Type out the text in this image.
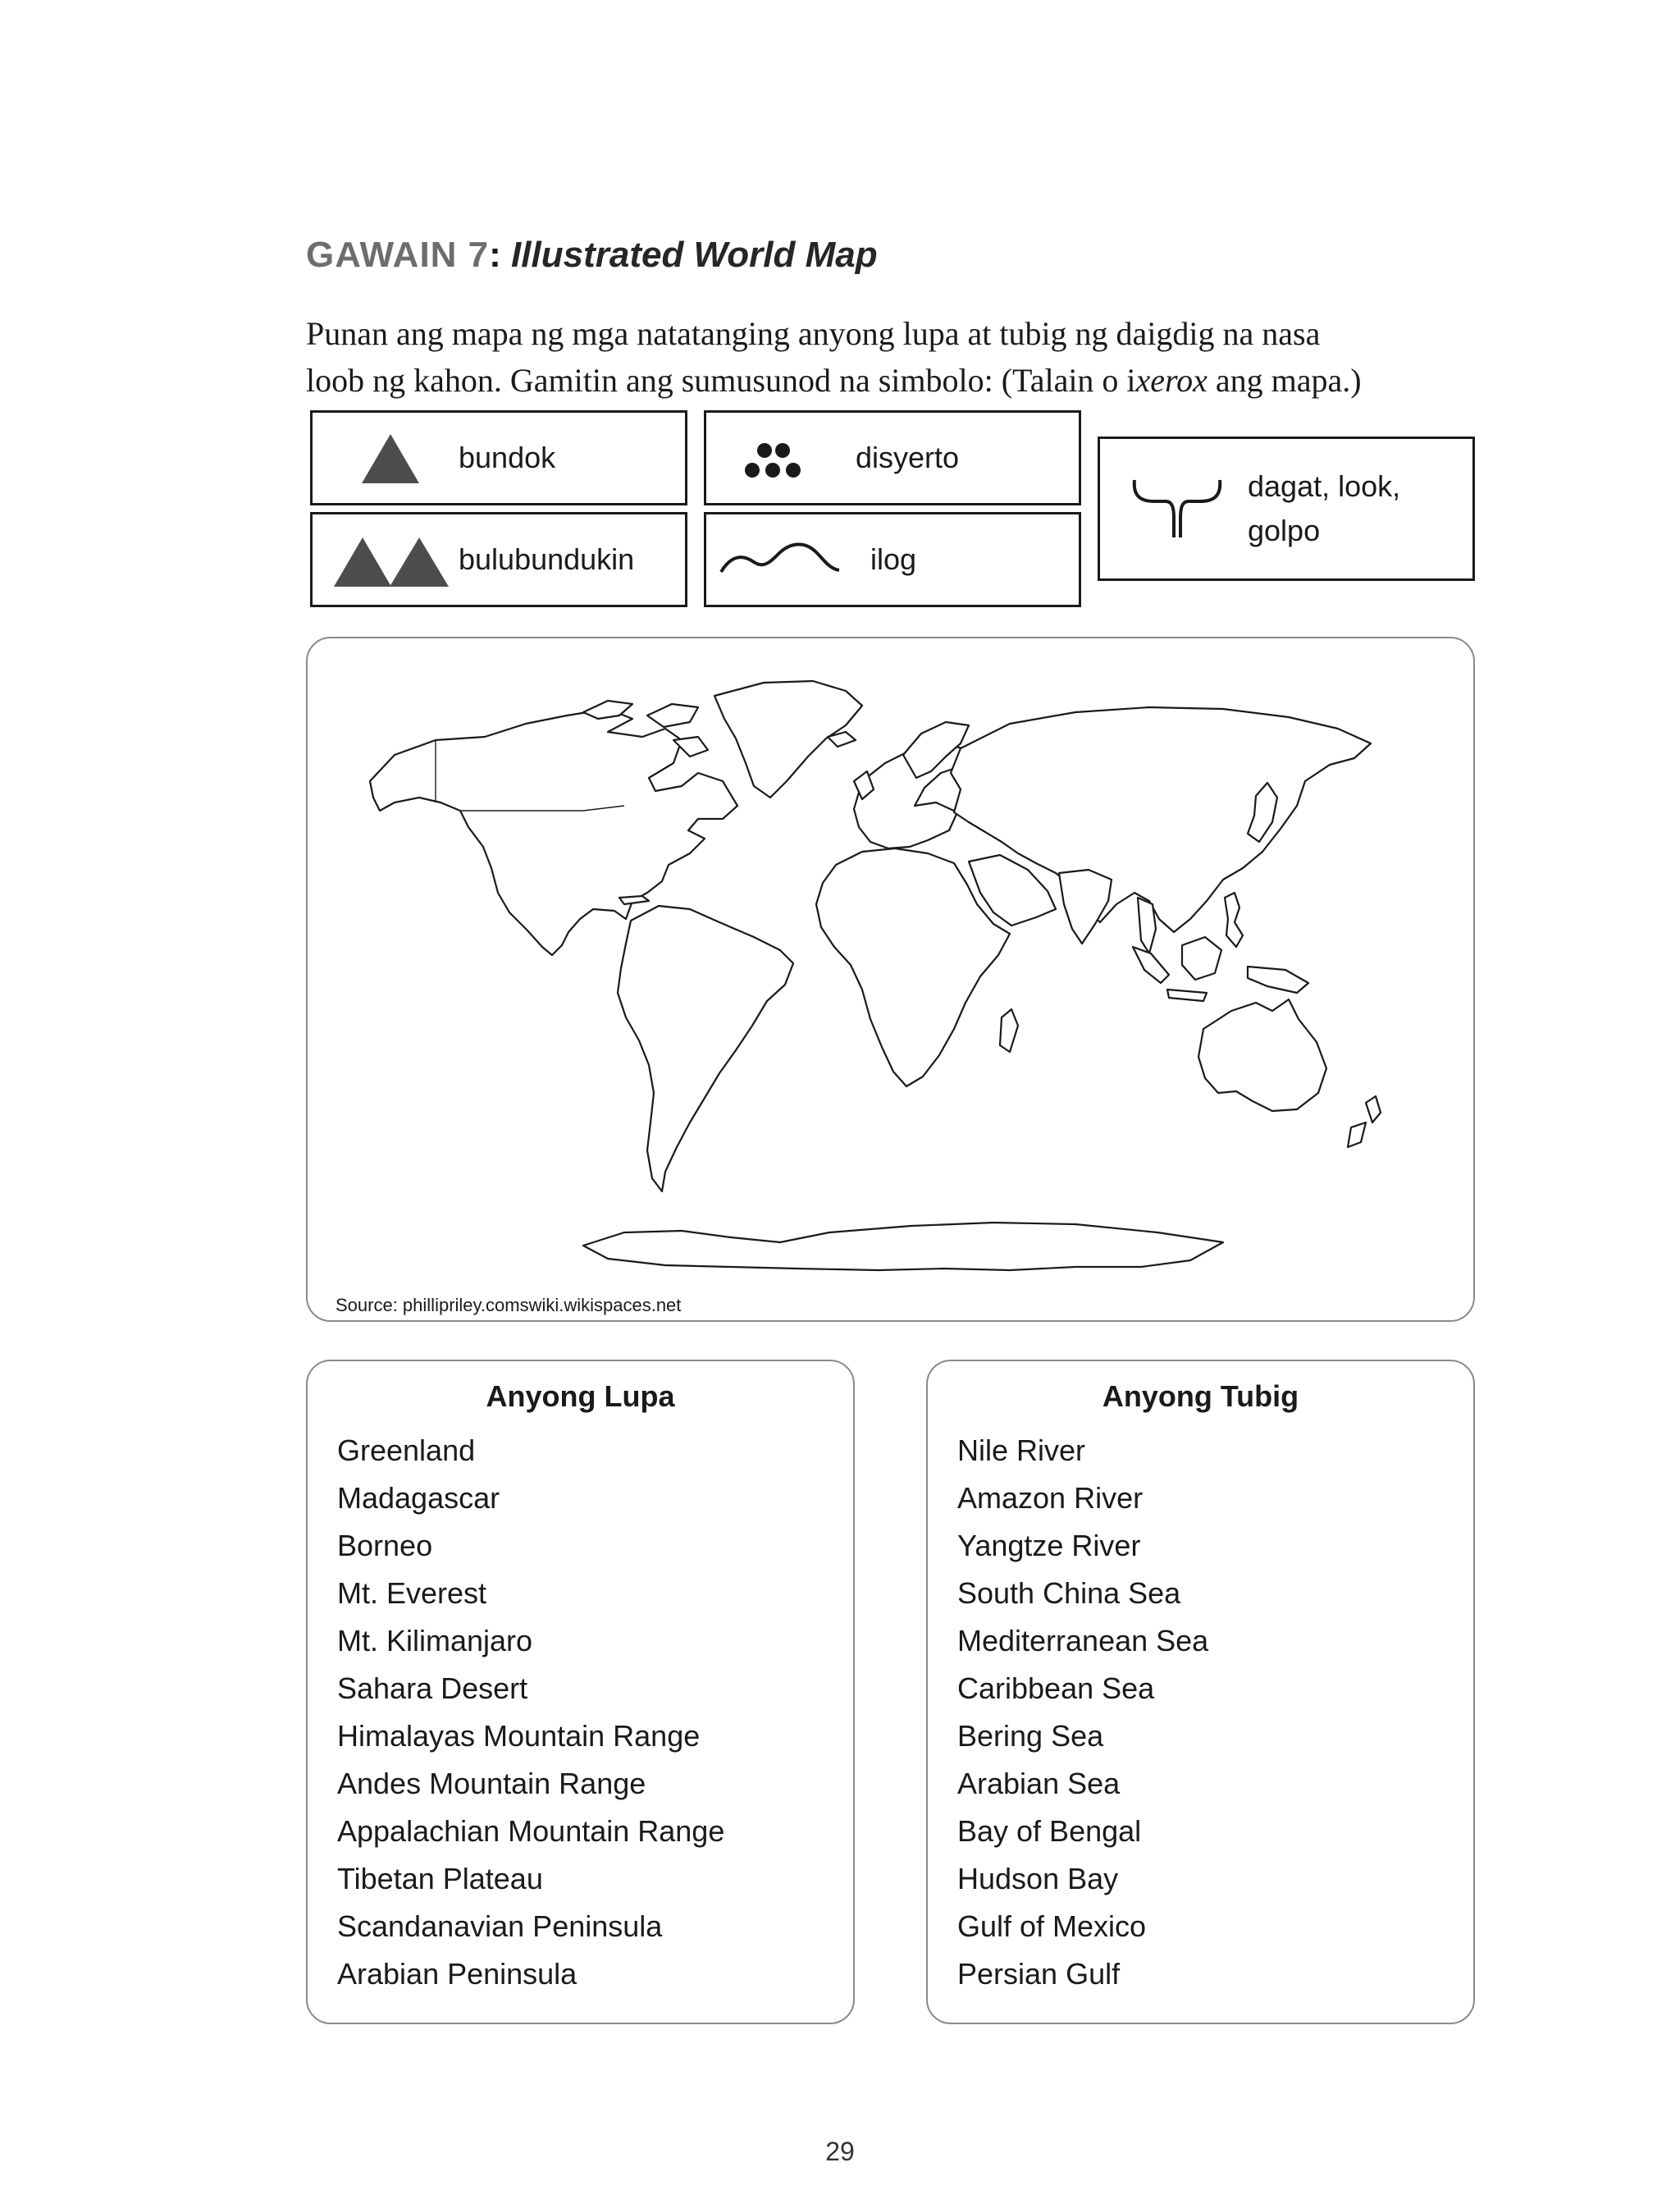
GAWAIN 7: Illustrated World Map

Punan ang mapa ng mga natatanging anyong lupa at tubig ng daigdig na nasa

loob ng kahon. Gamitin ang sumusunod na simbolo: (Talain o ixerox ang mapa.)

bundok	disyerto
bulubundukin	ilog
dagat, look,
golpo
Source: phillipriley.comswiki.wikispaces.net
Anyong Lupa
Greenland
Madagascar
Borneo
Mt. Everest
Mt. Kilimanjaro
Sahara Desert
Himalayas Mountain Range
Andes Mountain Range
Appalachian Mountain Range
Tibetan Plateau
Scandanavian Peninsula
Arabian Peninsula
Anyong Tubig
Nile River
Amazon River
Yangtze River
South China Sea
Mediterranean Sea
Caribbean Sea
Bering Sea
Arabian Sea
Bay of Bengal
Hudson Bay
Gulf of Mexico
Persian Gulf
29
